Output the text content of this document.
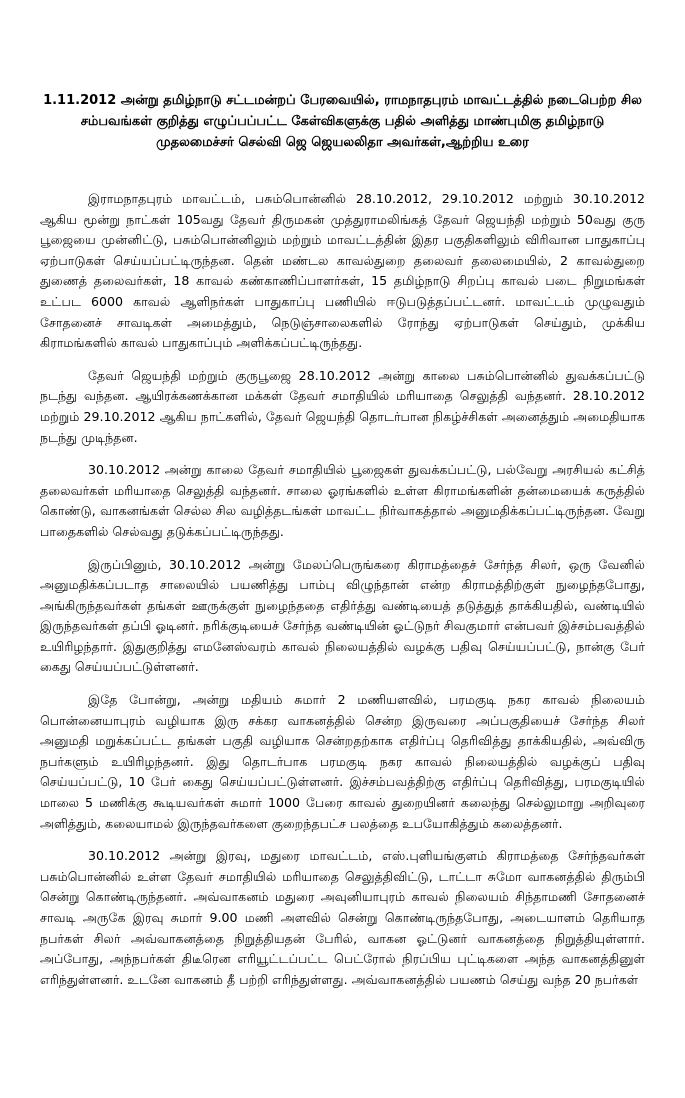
1.11.2012 அன்று தமிழ்நாடு சட்டமன்றப் பேரவையில், ராமநாதபுரம் மாவட்டத்தில் நடைபெற்ற சில சம்பவங்கள் குறித்து எழுப்பப்பட்ட கேள்விகளுக்கு பதில் அளித்து மாண்புமிகு தமிழ்நாடு முதலமைச்சர் செல்வி ஜெ ஜெயலலிதா அவர்கள்,ஆற்றிய உரை

இராமநாதபுரம் மாவட்டம், பசும்பொன்னில் 28.10.2012, 29.10.2012 மற்றும் 30.10.2012 ஆகிய மூன்று நாட்கள் 105வது தேவர் திருமகன் முத்துராமலிங்கத் தேவர் ஜெயந்தி மற்றும் 50வது குரு பூஜையை முன்னிட்டு, பசும்பொன்னிலும் மற்றும் மாவட்டத்தின் இதர பகுதிகளிலும் விரிவான பாதுகாப்பு ஏற்பாடுகள் செய்யப்பட்டிருந்தன. தென் மண்டல காவல்துறை தலைவர் தலைமையில், 2 காவல்துறை துணைத் தலைவர்கள், 18 காவல் கண்காணிப்பாளர்கள், 15 தமிழ்நாடு சிறப்பு காவல் படை நிறுமங்கள் உட்பட 6000 காவல் ஆளிநர்கள் பாதுகாப்பு பணியில் ஈடுபடுத்தப்பட்டனர். மாவட்டம் முழுவதும் சோதனைச் சாவடிகள் அமைத்தும், நெடுஞ்சாலைகளில் ரோந்து ஏற்பாடுகள் செய்தும், முக்கிய கிராமங்களில் காவல் பாதுகாப்பும் அளிக்கப்பட்டிருந்தது.

தேவர் ஜெயந்தி மற்றும் குருபூஜை 28.10.2012 அன்று காலை பசும்பொன்னில் துவக்கப்பட்டு நடந்து வந்தன. ஆயிரக்கணக்கான மக்கள் தேவர் சமாதியில் மரியாதை செலுத்தி வந்தனர். 28.10.2012 மற்றும் 29.10.2012 ஆகிய நாட்களில், தேவர் ஜெயந்தி தொடர்பான நிகழ்ச்சிகள் அனைத்தும் அமைதியாக நடந்து முடிந்தன.

30.10.2012 அன்று காலை தேவர் சமாதியில் பூஜைகள் துவக்கப்பட்டு, பல்வேறு அரசியல் கட்சித் தலைவர்கள் மரியாதை செலுத்தி வந்தனர். சாலை ஓரங்களில் உள்ள கிராமங்களின் தன்மையைக் கருத்தில் கொண்டு, வாகனங்கள் செல்ல சில வழித்தடங்கள் மாவட்ட நிர்வாகத்தால் அனுமதிக்கப்பட்டிருந்தன. வேறு பாதைகளில் செல்வது தடுக்கப்பட்டிருந்தது.

இருப்பினும், 30.10.2012 அன்று மேலப்பெருங்கரை கிராமத்தைச் சேர்ந்த சிலர், ஒரு வேனில் அனுமதிக்கப்படாத சாலையில் பயணித்து பாம்பு விழுந்தான் என்ற கிராமத்திற்குள் நுழைந்தபோது, அங்கிருந்தவர்கள் தங்கள் ஊருக்குள் நுழைந்ததை எதிர்த்து வண்டியைத் தடுத்துத் தாக்கியதில், வண்டியில் இருந்தவர்கள் தப்பி ஓடினர். நரிக்குடியைச் சேர்ந்த வண்டியின் ஓட்டுநர் சிவகுமார் என்பவர் இச்சம்பவத்தில் உயிரிழந்தார். இதுகுறித்து எமனேஸ்வரம் காவல் நிலையத்தில் வழக்கு பதிவு செய்யப்பட்டு, நான்கு பேர் கைது செய்யப்பட்டுள்ளனர்.

இதே போன்று, அன்று மதியம் சுமார் 2 மணியளவில், பரமகுடி நகர காவல் நிலையம் பொன்னையாபுரம் வழியாக இரு சக்கர வாகனத்தில் சென்ற இருவரை அப்பகுதியைச் சேர்ந்த சிலர் அனுமதி மறுக்கப்பட்ட தங்கள் பகுதி வழியாக சென்றதற்காக எதிர்ப்பு தெரிவித்து தாக்கியதில், அவ்விரு நபர்களும் உயிரிழந்தனர். இது தொடர்பாக பரமகுடி நகர காவல் நிலையத்தில் வழக்குப் பதிவு செய்யப்பட்டு, 10 பேர் கைது செய்யப்பட்டுள்ளனர். இச்சம்பவத்திற்கு எதிர்ப்பு தெரிவித்து, பரமகுடியில் மாலை 5 மணிக்கு கூடியவர்கள் சுமார் 1000 பேரை காவல் துறையினர் கலைந்து செல்லுமாறு அறிவுரை அளித்தும், கலையாமல் இருந்தவர்களை குறைந்தபட்ச பலத்தை உபயோகித்தும் கலைத்தனர்.

30.10.2012 அன்று இரவு, மதுரை மாவட்டம், எஸ்.புளியங்குளம் கிராமத்தை சேர்ந்தவர்கள் பசும்பொன்னில் உள்ள தேவர் சமாதியில் மரியாதை செலுத்திவிட்டு, டாட்டா சுமோ வாகனத்தில் திரும்பி சென்று கொண்டிருந்தனர். அவ்வாகனம் மதுரை அவுனியாபுரம் காவல் நிலையம் சிந்தாமணி சோதனைச் சாவடி அருகே இரவு சுமார் 9.00 மணி அளவில் சென்று கொண்டிருந்தபோது, அடையாளம் தெரியாத நபர்கள் சிலர் அவ்வாகனத்தை நிறுத்தியதன் பேரில், வாகன ஓட்டுனர் வாகனத்தை நிறுத்தியுள்ளார். அப்போது, அந்நபர்கள் திடீரென எரியூட்டப்பட்ட பெட்ரோல் நிரப்பிய புட்டிகளை அந்த வாகனத்தினுள் எரிந்துள்ளனர். உடனே வாகனம் தீ பற்றி எரிந்துள்ளது. அவ்வாகனத்தில் பயணம் செய்து வந்த 20 நபர்கள்
